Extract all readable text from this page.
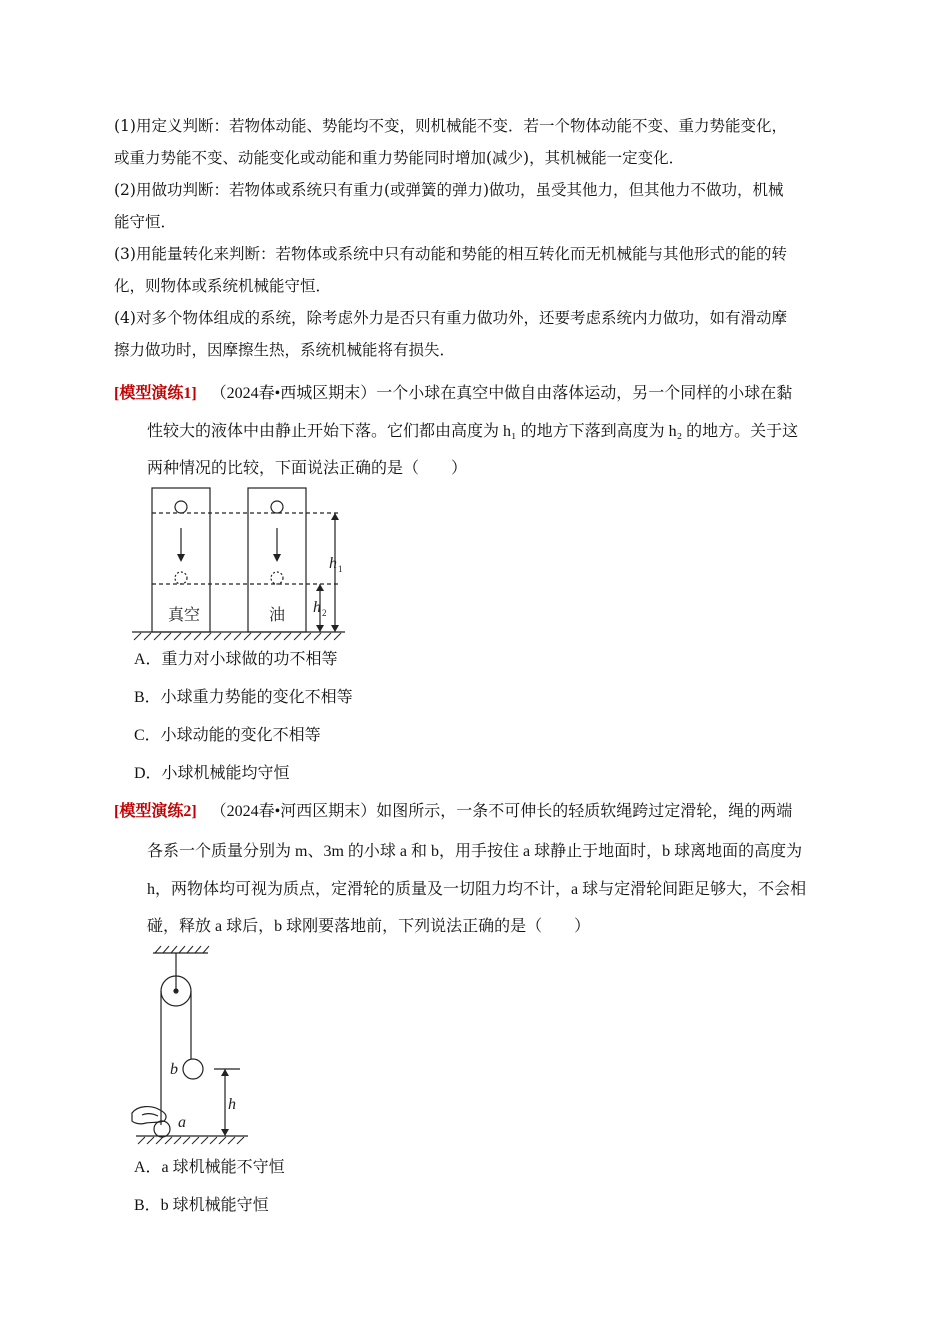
(1)用定义判断：若物体动能、势能均不变，则机械能不变．若一个物体动能不变、重力势能变化，
或重力势能不变、动能变化或动能和重力势能同时增加(减少)，其机械能一定变化．
(2)用做功判断：若物体或系统只有重力(或弹簧的弹力)做功，虽受其他力，但其他力不做功，机械
能守恒．
(3)用能量转化来判断：若物体或系统中只有动能和势能的相互转化而无机械能与其他形式的能的转
化，则物体或系统机械能守恒．
(4)对多个物体组成的系统，除考虑外力是否只有重力做功外，还要考虑系统内力做功，如有滑动摩
擦力做功时，因摩擦生热，系统机械能将有损失．
[模型演练1] （2024春•西城区期末）一个小球在真空中做自由落体运动，另一个同样的小球在黏
性较大的液体中由静止开始下落。它们都由高度为 h₁ 的地方下落到高度为 h₂ 的地方。关于这
两种情况的比较，下面说法正确的是（　　）
真空	油
h 1
h 2
A．重力对小球做的功不相等
B．小球重力势能的变化不相等
C．小球动能的变化不相等
D．小球机械能均守恒
[模型演练2] （2024春•河西区期末）如图所示，一条不可伸长的轻质软绳跨过定滑轮，绳的两端
各系一个质量分别为 m、3m 的小球 a 和 b，用手按住 a 球静止于地面时，b 球离地面的高度为
h，两物体均可视为质点，定滑轮的质量及一切阻力均不计，a 球与定滑轮间距足够大，不会相
碰，释放 a 球后，b 球刚要落地前，下列说法正确的是（　　）
b
a
h
A．a 球机械能不守恒
B．b 球机械能守恒
